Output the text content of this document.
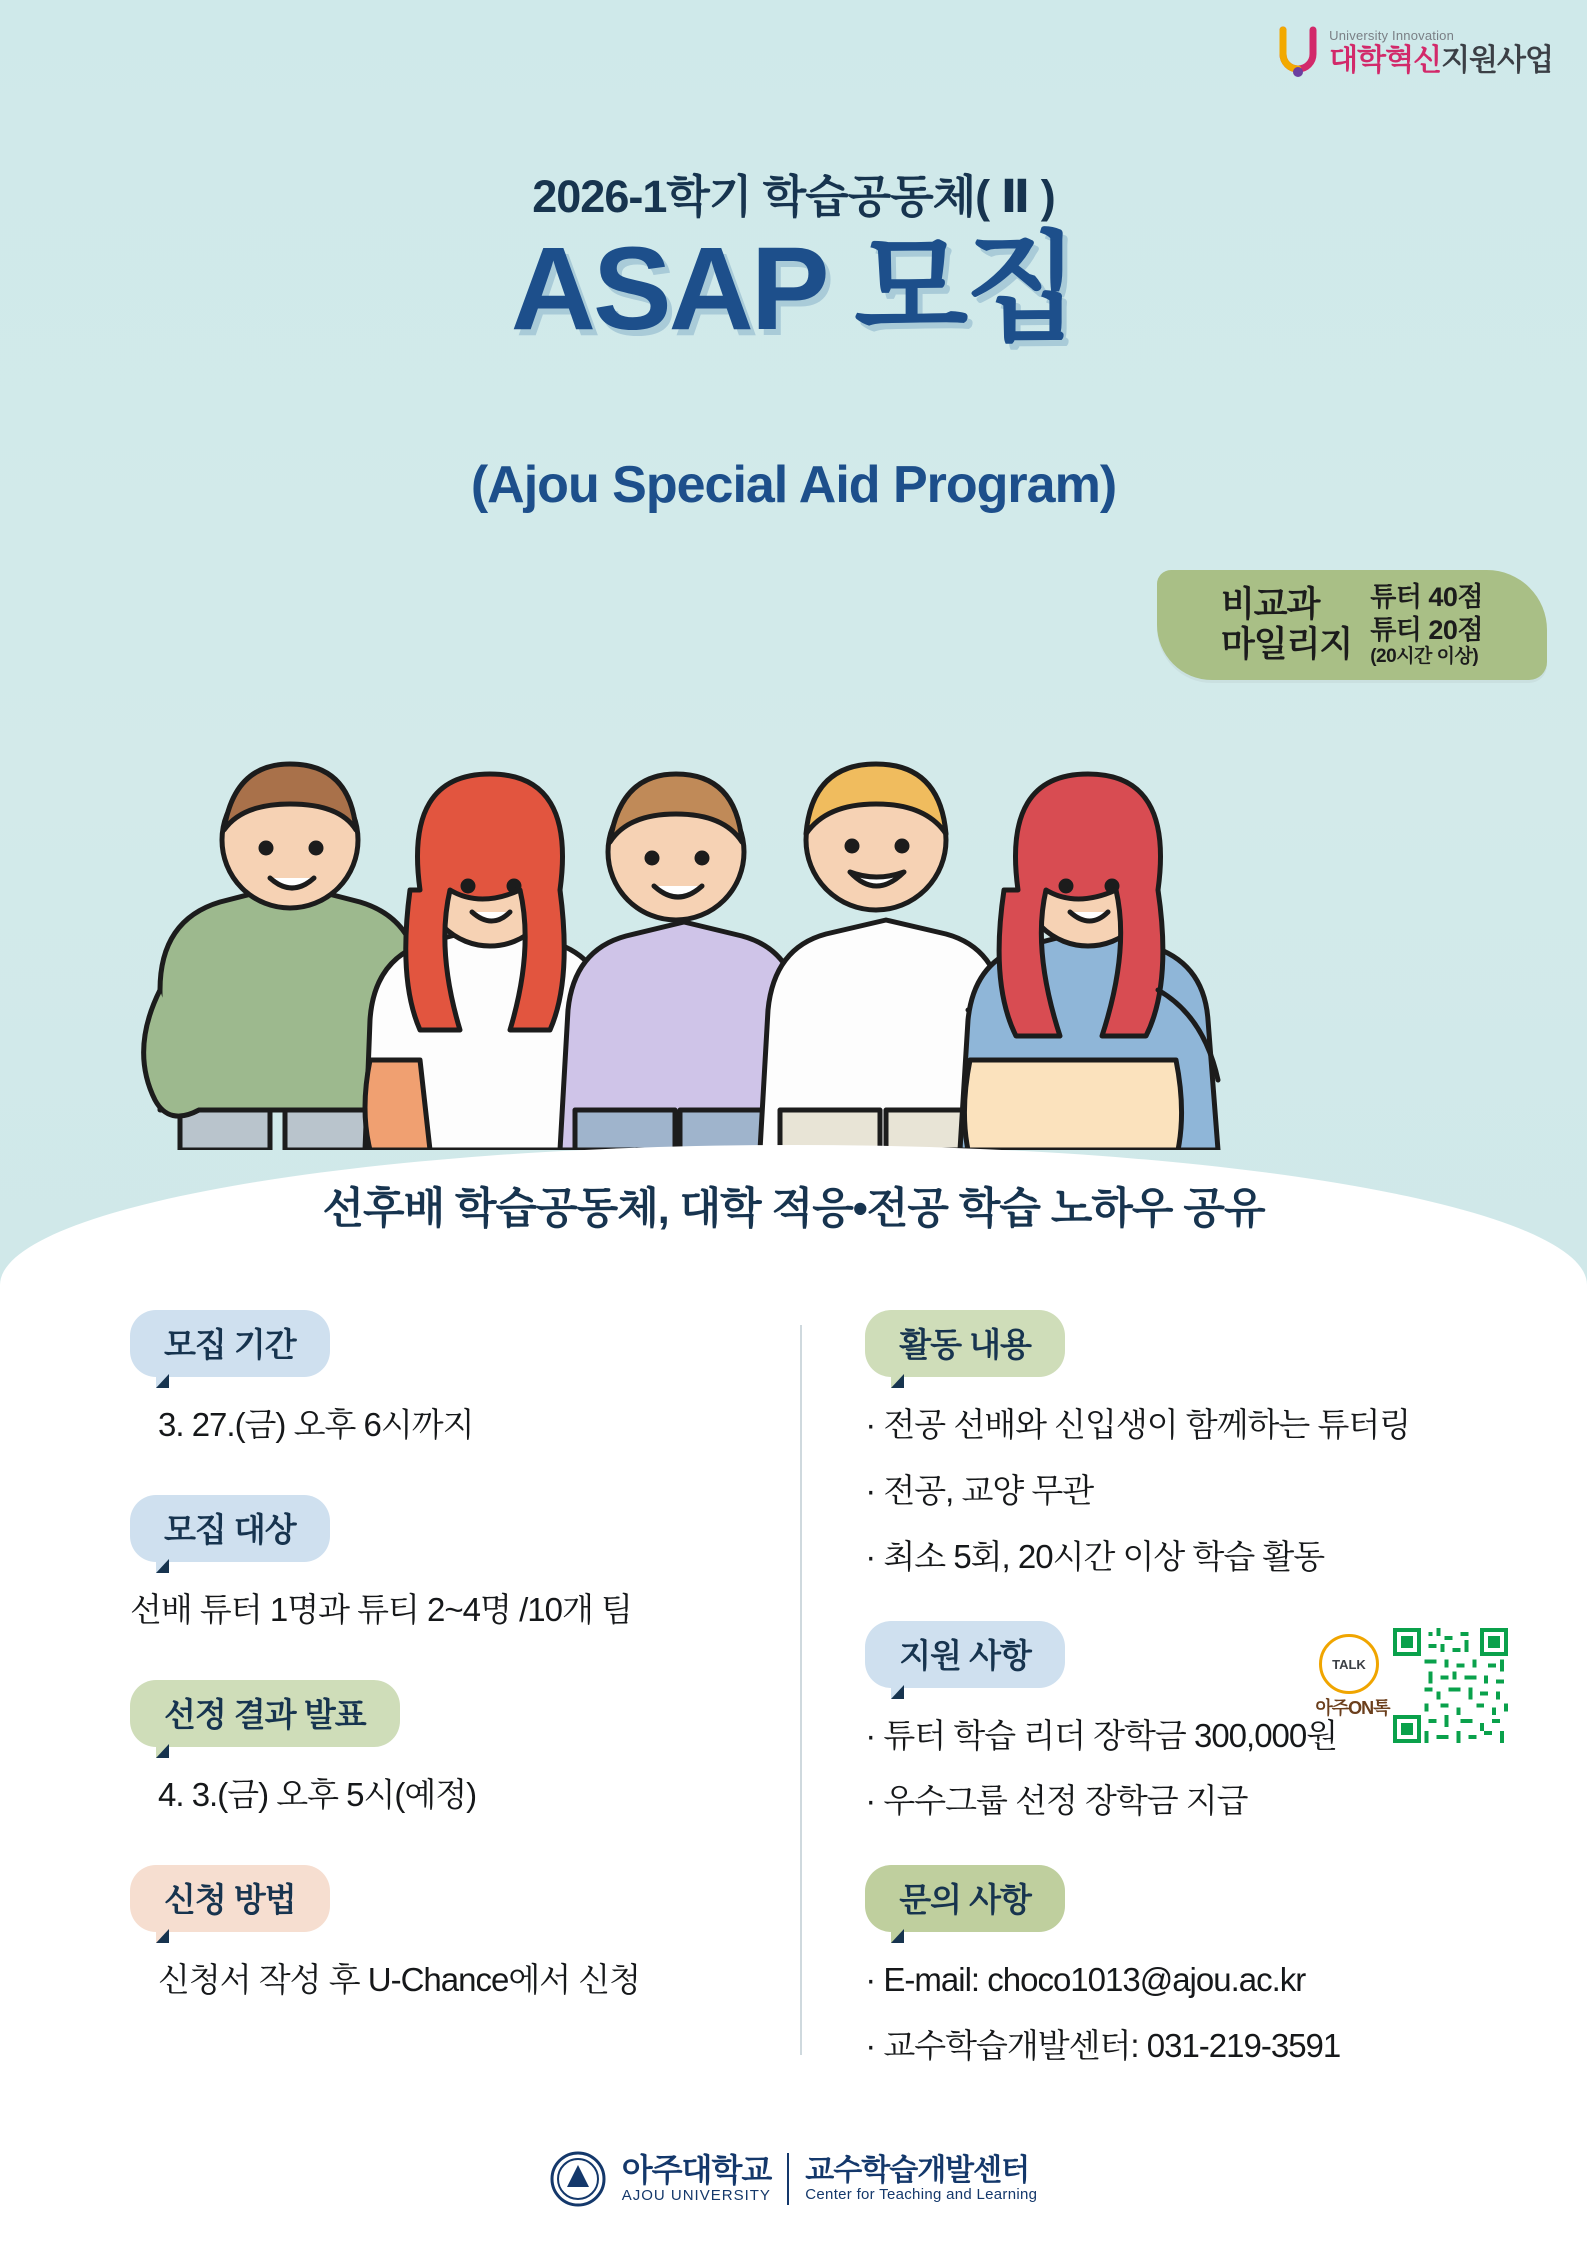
University Innovation
대학혁신지원사업
2026-1학기 학습공동체( Ⅱ )
ASAP 모집
(Ajou Special Aid Program)
비교과
마일리지
튜터 40점
튜티 20점
(20시간 이상)
선후배 학습공동체, 대학 적응•전공 학습 노하우 공유
모집 기간
3. 27.(금) 오후 6시까지
모집 대상
선배 튜터 1명과 튜티 2~4명 /10개 팀
선정 결과 발표
4. 3.(금) 오후 5시(예정)
신청 방법
신청서 작성 후 U-Chance에서 신청
활동 내용
· 전공 선배와 신입생이 함께하는 튜터링
· 전공, 교양 무관
· 최소 5회, 20시간 이상 학습 활동
지원 사항
· 튜터 학습 리더 장학금 300,000원
· 우수그룹 선정 장학금 지급
문의 사항
· E-mail: choco1013@ajou.ac.kr
· 교수학습개발센터: 031-219-3591
TALK
아주ON톡
아주대학교
AJOU UNIVERSITY
교수학습개발센터
Center for Teaching and Learning
